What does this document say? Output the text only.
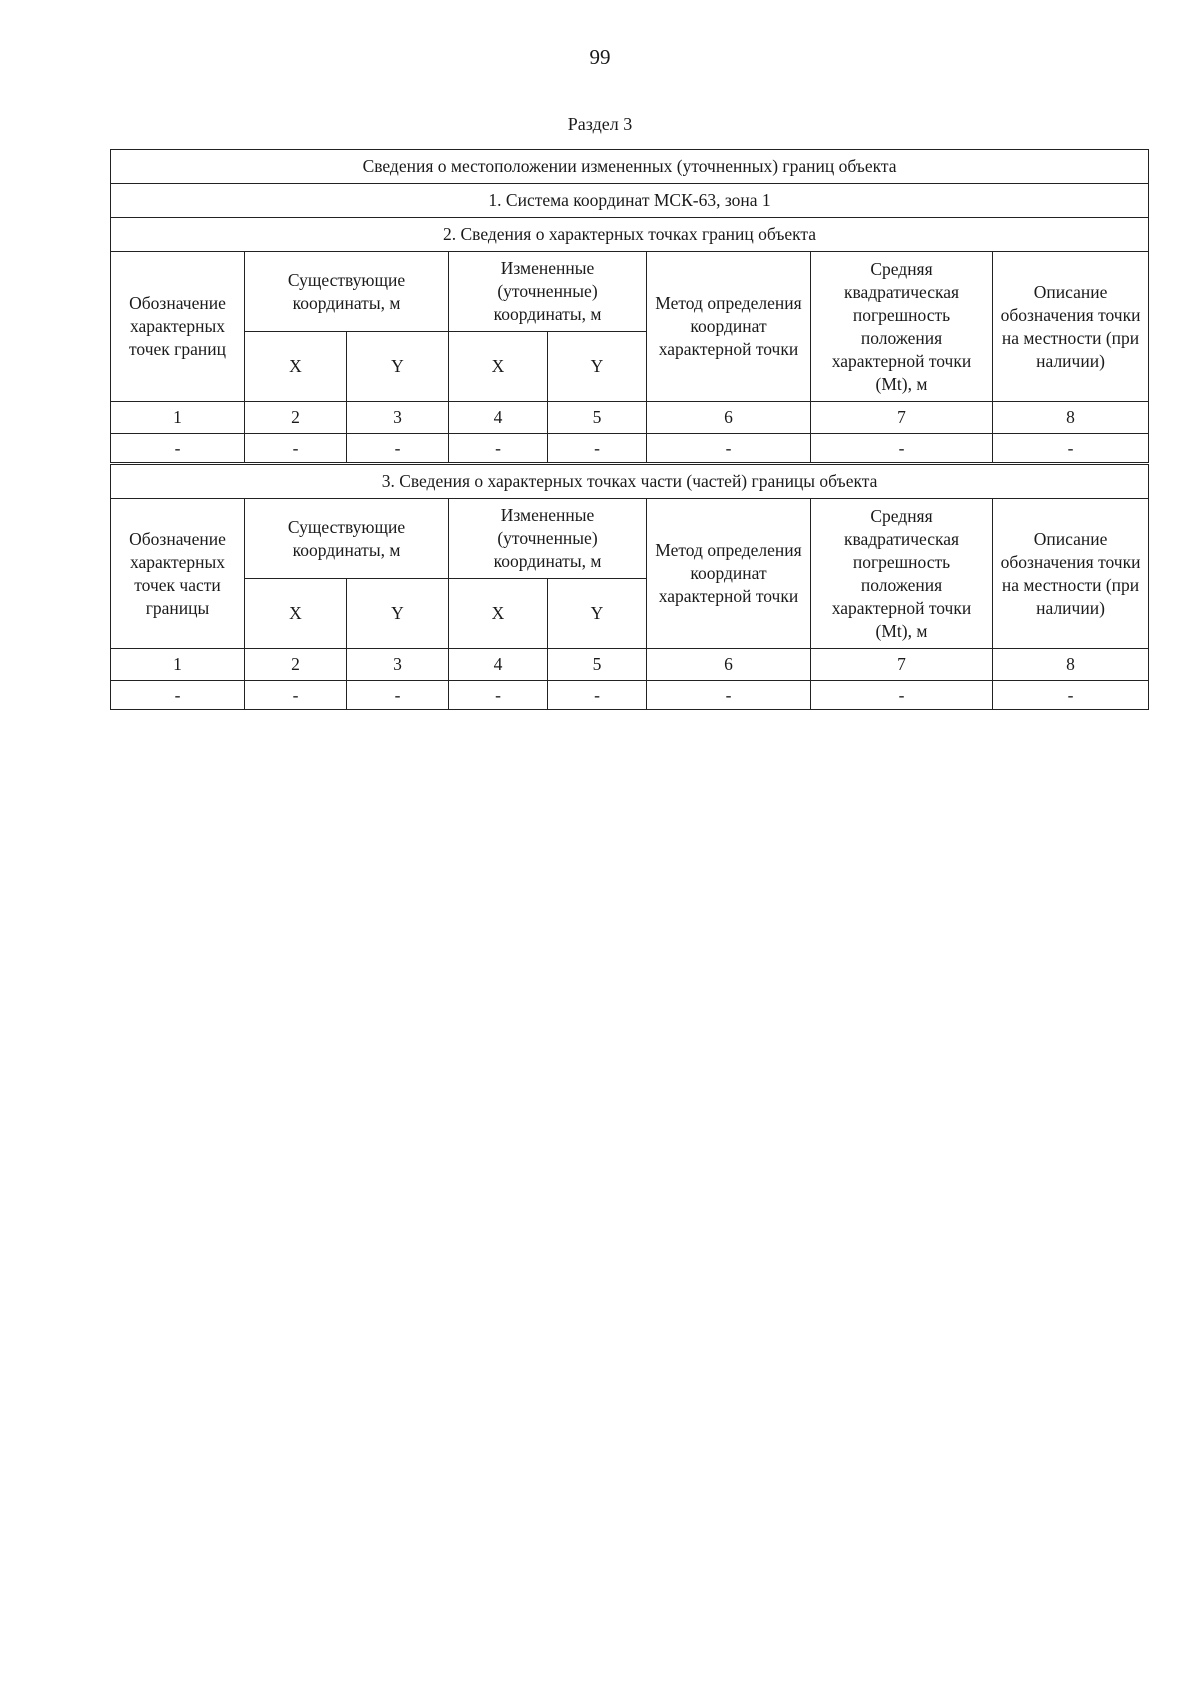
99
Раздел 3
Сведения о местоположении измененных (уточненных) границ объекта							
1. Система координат МСК-63, зона 1							
2. Сведения о характерных точках границ объекта							
Обозначение характерных точек границ	Существующие координаты, м		Измененные (уточненные) координаты, м		Метод определения координат характерной точки	Средняя квадратическая погрешность положения характерной точки (Mt), м	Описание обозначения точки на местности (при наличии)
	X	Y	X	Y			
1	2	3	4	5	6	7	8
-	-	-	-	-	-	-	-
3. Сведения о характерных точках части (частей) границы объекта							
Обозначение характерных точек части границы	Существующие координаты, м		Измененные (уточненные) координаты, м		Метод определения координат характерной точки	Средняя квадратическая погрешность положения характерной точки (Mt), м	Описание обозначения точки на местности (при наличии)
	X	Y	X	Y			
1	2	3	4	5	6	7	8
-	-	-	-	-	-	-	-
